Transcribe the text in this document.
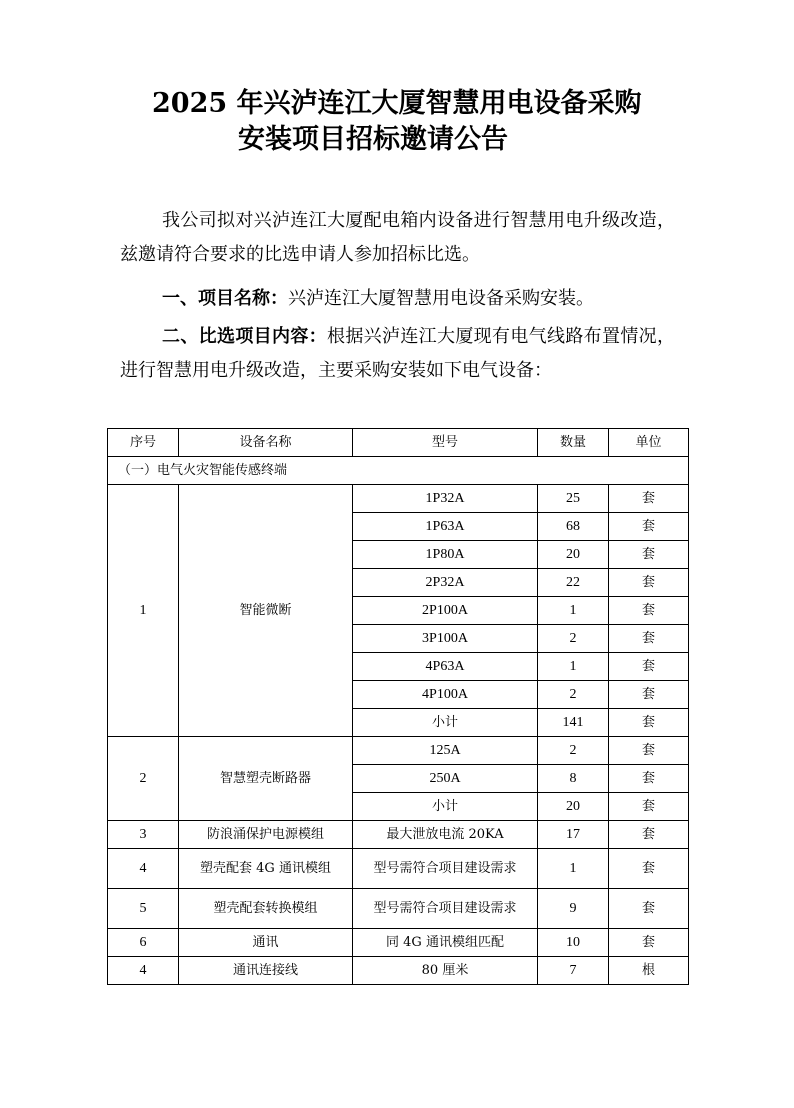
2025 年兴泸连江大厦智慧用电设备采购
安装项目招标邀请公告

我公司拟对兴泸连江大厦配电箱内设备进行智慧用电升级改造，兹邀请符合要求的比选申请人参加招标比选。

一、项目名称：兴泸连江大厦智慧用电设备采购安装。

二、比选项目内容：根据兴泸连江大厦现有电气线路布置情况，进行智慧用电升级改造，主要采购安装如下电气设备：

序号	设备名称	型号	数量	单位
（一）电气火灾智能传感终端				
1	智能微断	1P32A	25	套
		1P63A	68	套
		1P80A	20	套
		2P32A	22	套
		2P100A	1	套
		3P100A	2	套
		4P63A	1	套
		4P100A	2	套
		小计	141	套
2	智慧塑壳断路器	125A	2	套
		250A	8	套
		小计	20	套
3	防浪涌保护电源模组	最大泄放电流 20KA	17	套
4	塑壳配套 4G 通讯模组	型号需符合项目建设需求	1	套
5	塑壳配套转换模组	型号需符合项目建设需求	9	套
6	通讯	同 4G 通讯模组匹配	10	套
4	通讯连接线	80 厘米	7	根
